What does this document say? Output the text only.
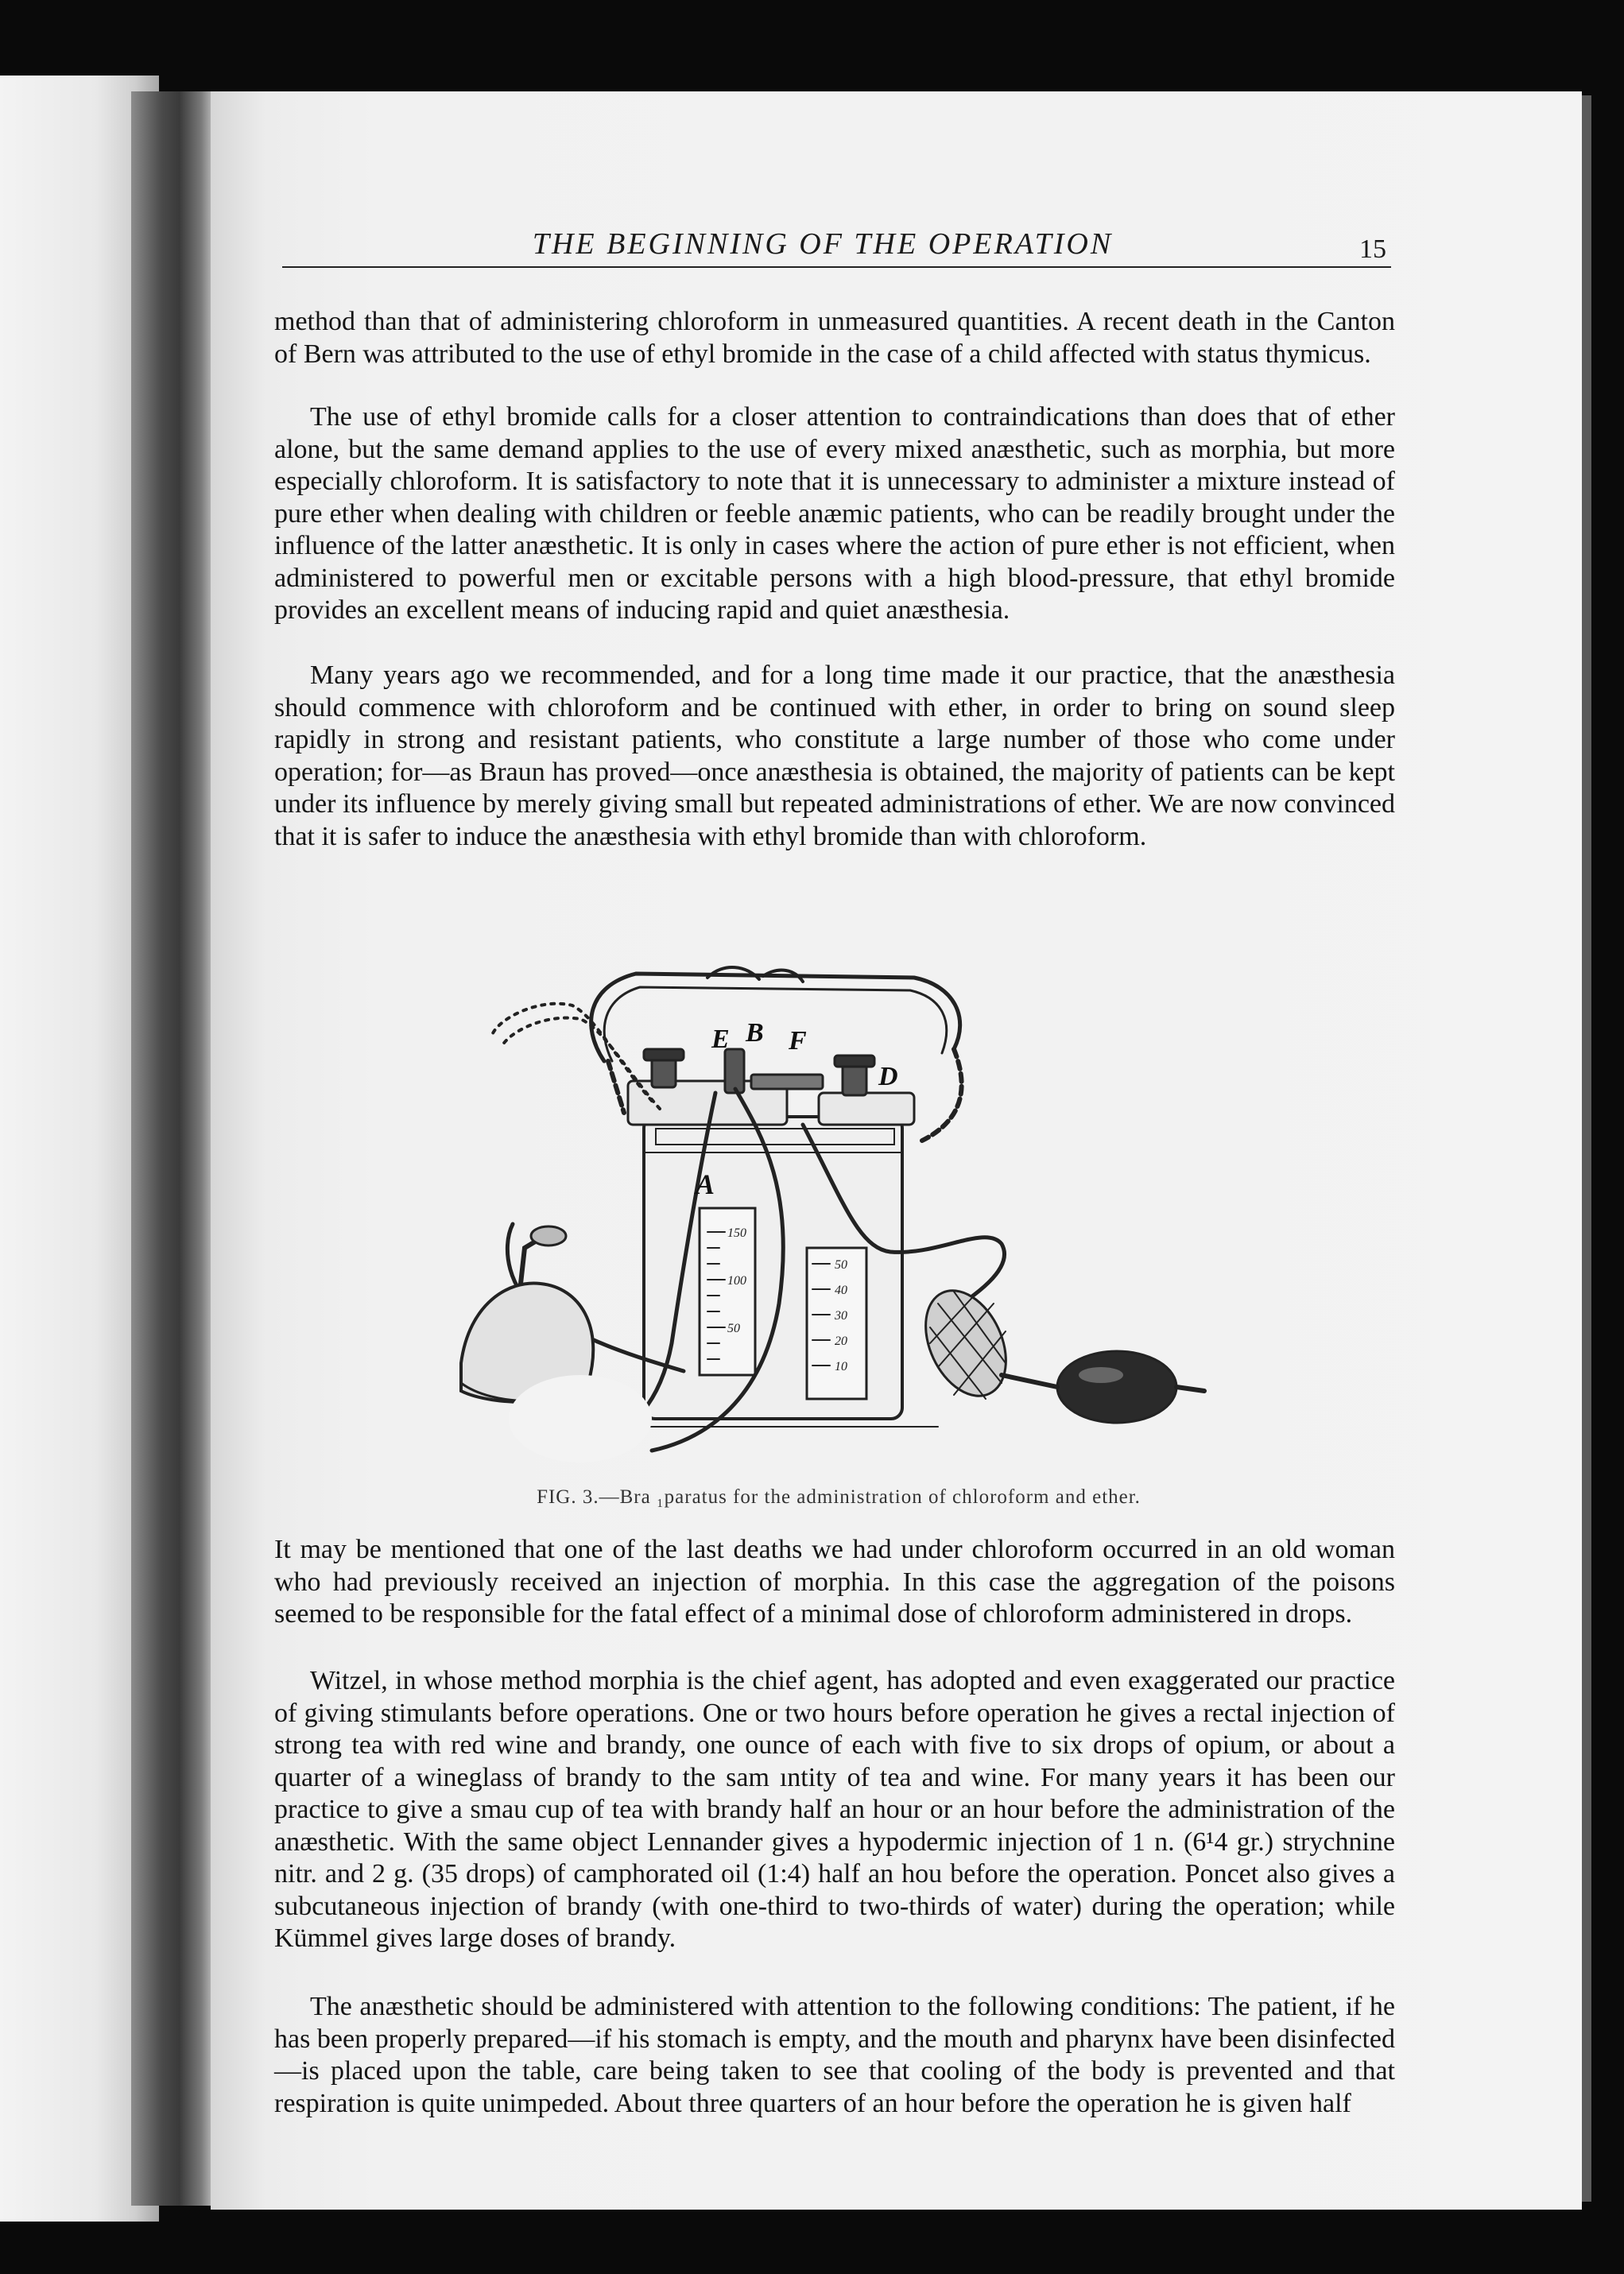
THE BEGINNING OF THE OPERATION	15

method than that of administering chloroform in unmeasured quantities. A recent death in the Canton of Bern was attributed to the use of ethyl bromide in the case of a child affected with status thymicus.

The use of ethyl bromide calls for a closer attention to contraindications than does that of ether alone, but the same demand applies to the use of every mixed anæsthetic, such as morphia, but more especially chloroform. It is satisfactory to note that it is unnecessary to administer a mixture instead of pure ether when dealing with children or feeble anæmic patients, who can be readily brought under the influence of the latter anæsthetic. It is only in cases where the action of pure ether is not efficient, when administered to powerful men or excitable persons with a high blood-pressure, that ethyl bromide provides an excellent means of inducing rapid and quiet anæsthesia.

Many years ago we recommended, and for a long time made it our practice, that the anæsthesia should commence with chloroform and be continued with ether, in order to bring on sound sleep rapidly in strong and resistant patients, who constitute a large number of those who come under operation; for—as Braun has proved—once anæsthesia is obtained, the majority of patients can be kept under its influence by merely giving small but repeated administrations of ether. We are now convinced that it is safer to induce the anæsthesia with ethyl bromide than with chloroform.

E B F
D
A
150
100
50
50
40
30
20
10
FIG. 3.—Bra ₁paratus for the administration of chloroform and ether.

It may be mentioned that one of the last deaths we had under chloroform occurred in an old woman who had previously received an injection of morphia. In this case the aggregation of the poisons seemed to be responsible for the fatal effect of a minimal dose of chloroform administered in drops.

Witzel, in whose method morphia is the chief agent, has adopted and even exaggerated our practice of giving stimulants before operations. One or two hours before operation he gives a rectal injection of strong tea with red wine and brandy, one ounce of each with five to six drops of opium, or about a quarter of a wineglass of brandy to the sam ıntity of tea and wine. For many years it has been our practice to give a smau cup of tea with brandy half an hour or an hour before the administration of the anæsthetic. With the same object Lennander gives a hypodermic injection of 1 n. (6¹4 gr.) strychnine nitr. and 2 g. (35 drops) of camphorated oil (1:4) half an hou before the operation. Poncet also gives a subcutaneous injection of brandy (with one-third to two-thirds of water) during the operation; while Kümmel gives large doses of brandy.

The anæsthetic should be administered with attention to the following conditions: The patient, if he has been properly prepared—if his stomach is empty, and the mouth and pharynx have been disinfected—is placed upon the table, care being taken to see that cooling of the body is prevented and that respiration is quite unimpeded. About three quarters of an hour before the operation he is given half
